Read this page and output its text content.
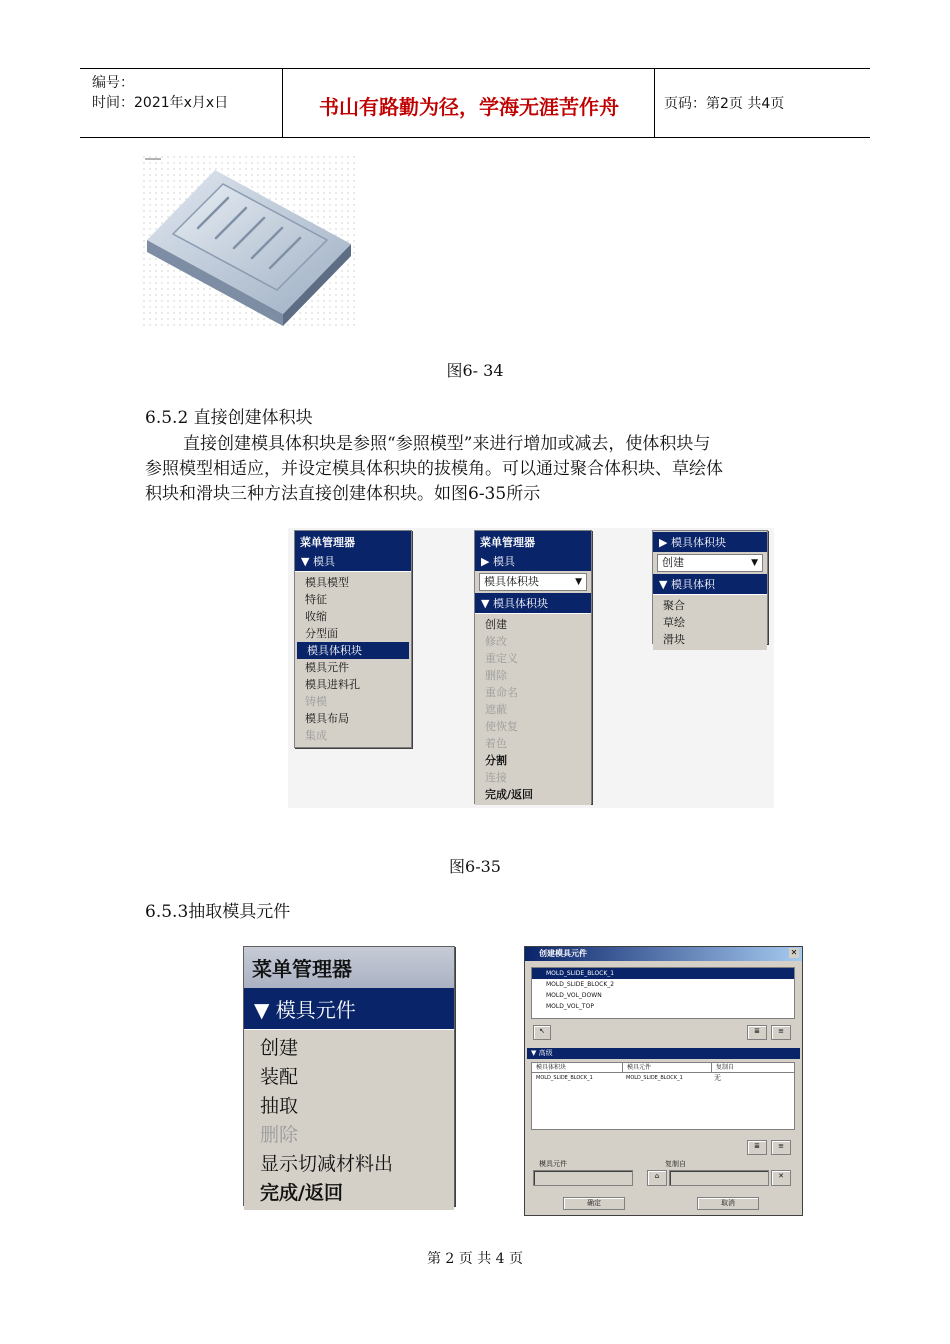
编号：
时间：2021年x月x日	书山有路勤为径，学海无涯苦作舟	页码：第2页 共4页
图6- 34
6.5.2 直接创建体积块
直接创建模具体积块是参照“参照模型”来进行增加或减去，使体积块与
参照模型相适应，并设定模具体积块的拔模角。可以通过聚合体积块、草绘体
积块和滑块三种方法直接创建体积块。如图6-35所示
菜单管理器
▼ 模具
模具模型
特征
收缩
分型面
模具体积块
模具元件
模具进料孔
铸模
模具布局
集成
菜单管理器
▶ 模具
模具体积块	▼
▼ 模具体积块
创建
修改
重定义
删除
重命名
遮蔽
使恢复
着色
分割
连接
完成/返回
▶ 模具体积块
创建	▼
▼ 模具体积
聚合
草绘
滑块
图6-35
6.5.3抽取模具元件
菜单管理器
▼ 模具元件
创建
装配
抽取
删除
显示切减材料出
完成/返回
创建模具元件	✕
MOLD_SLIDE_BLOCK_1
MOLD_SLIDE_BLOCK_2
MOLD_VOL_DOWN
MOLD_VOL_TOP
↖	≣	≡
▼ 高级
模具体积块	模具元件	复制自
MOLD_SLIDE_BLOCK_1	MOLD_SLIDE_BLOCK_1	无
≣	≡
模具元件	复制自
⌂	✕
确定	取消
第 2 页 共 4 页
